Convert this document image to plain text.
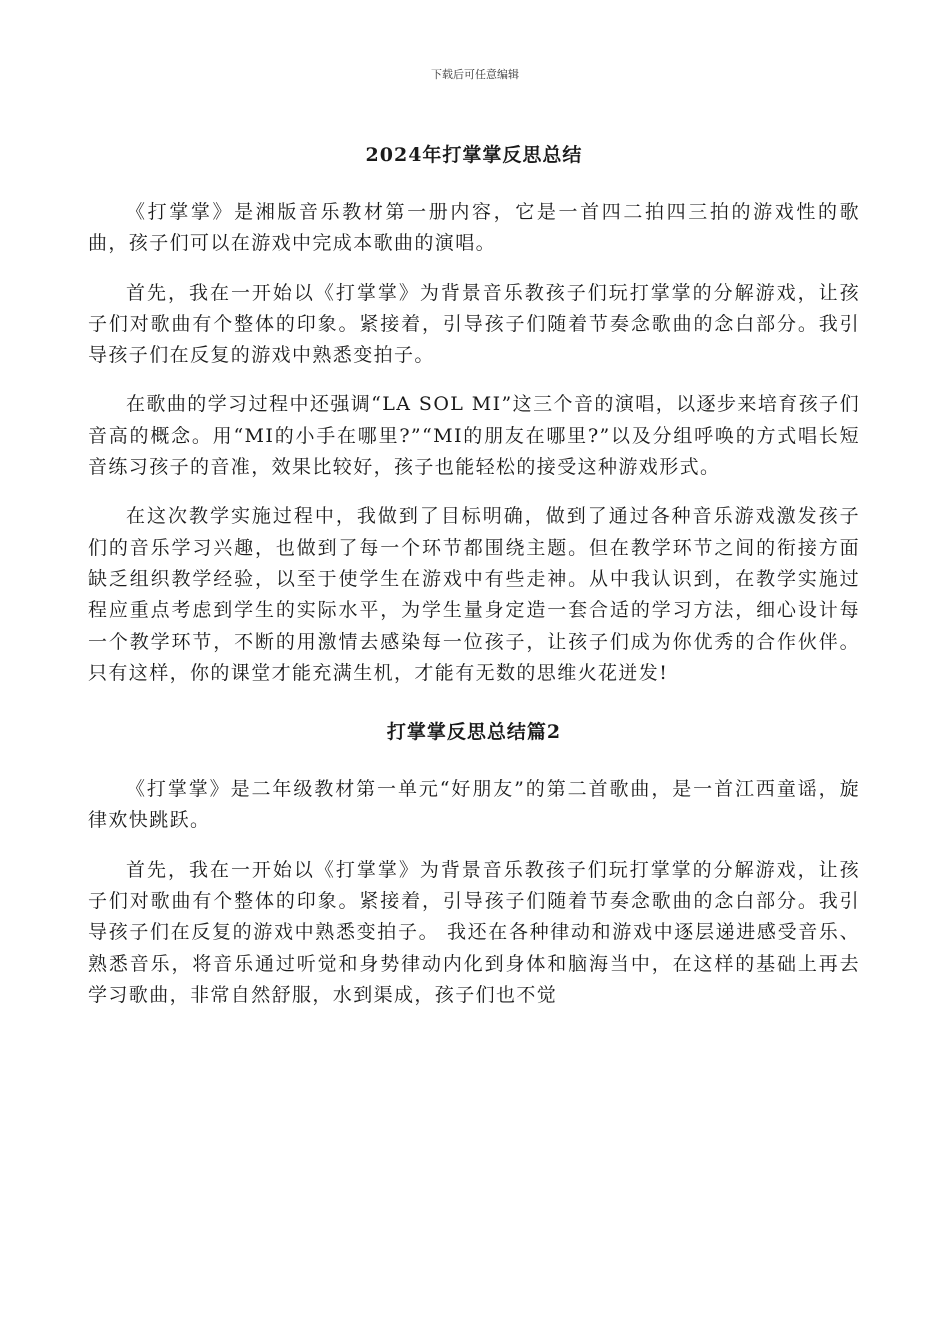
下载后可任意编辑
2024年打掌掌反思总结

《打掌掌》是湘版音乐教材第一册内容，它是一首四二拍四三拍的游戏性的歌曲，孩子们可以在游戏中完成本歌曲的演唱。

首先，我在一开始以《打掌掌》为背景音乐教孩子们玩打掌掌的分解游戏，让孩子们对歌曲有个整体的印象。紧接着，引导孩子们随着节奏念歌曲的念白部分。我引导孩子们在反复的游戏中熟悉变拍子。

在歌曲的学习过程中还强调“LA SOL MI”这三个音的演唱，以逐步来培育孩子们音高的概念。用“MI的小手在哪里?”“MI的朋友在哪里?”以及分组呼唤的方式唱长短音练习孩子的音准，效果比较好，孩子也能轻松的接受这种游戏形式。

在这次教学实施过程中，我做到了目标明确，做到了通过各种音乐游戏激发孩子们的音乐学习兴趣，也做到了每一个环节都围绕主题。但在教学环节之间的衔接方面缺乏组织教学经验，以至于使学生在游戏中有些走神。从中我认识到，在教学实施过程应重点考虑到学生的实际水平，为学生量身定造一套合适的学习方法，细心设计每一个教学环节，不断的用激情去感染每一位孩子，让孩子们成为你优秀的合作伙伴。只有这样，你的课堂才能充满生机，才能有无数的思维火花迸发!

打掌掌反思总结篇2

《打掌掌》是二年级教材第一单元“好朋友”的第二首歌曲，是一首江西童谣，旋律欢快跳跃。

首先，我在一开始以《打掌掌》为背景音乐教孩子们玩打掌掌的分解游戏，让孩子们对歌曲有个整体的印象。紧接着，引导孩子们随着节奏念歌曲的念白部分。我引导孩子们在反复的游戏中熟悉变拍子。 我还在各种律动和游戏中逐层递进感受音乐、熟悉音乐，将音乐通过听觉和身势律动内化到身体和脑海当中，在这样的基础上再去学习歌曲，非常自然舒服，水到渠成，孩子们也不觉
